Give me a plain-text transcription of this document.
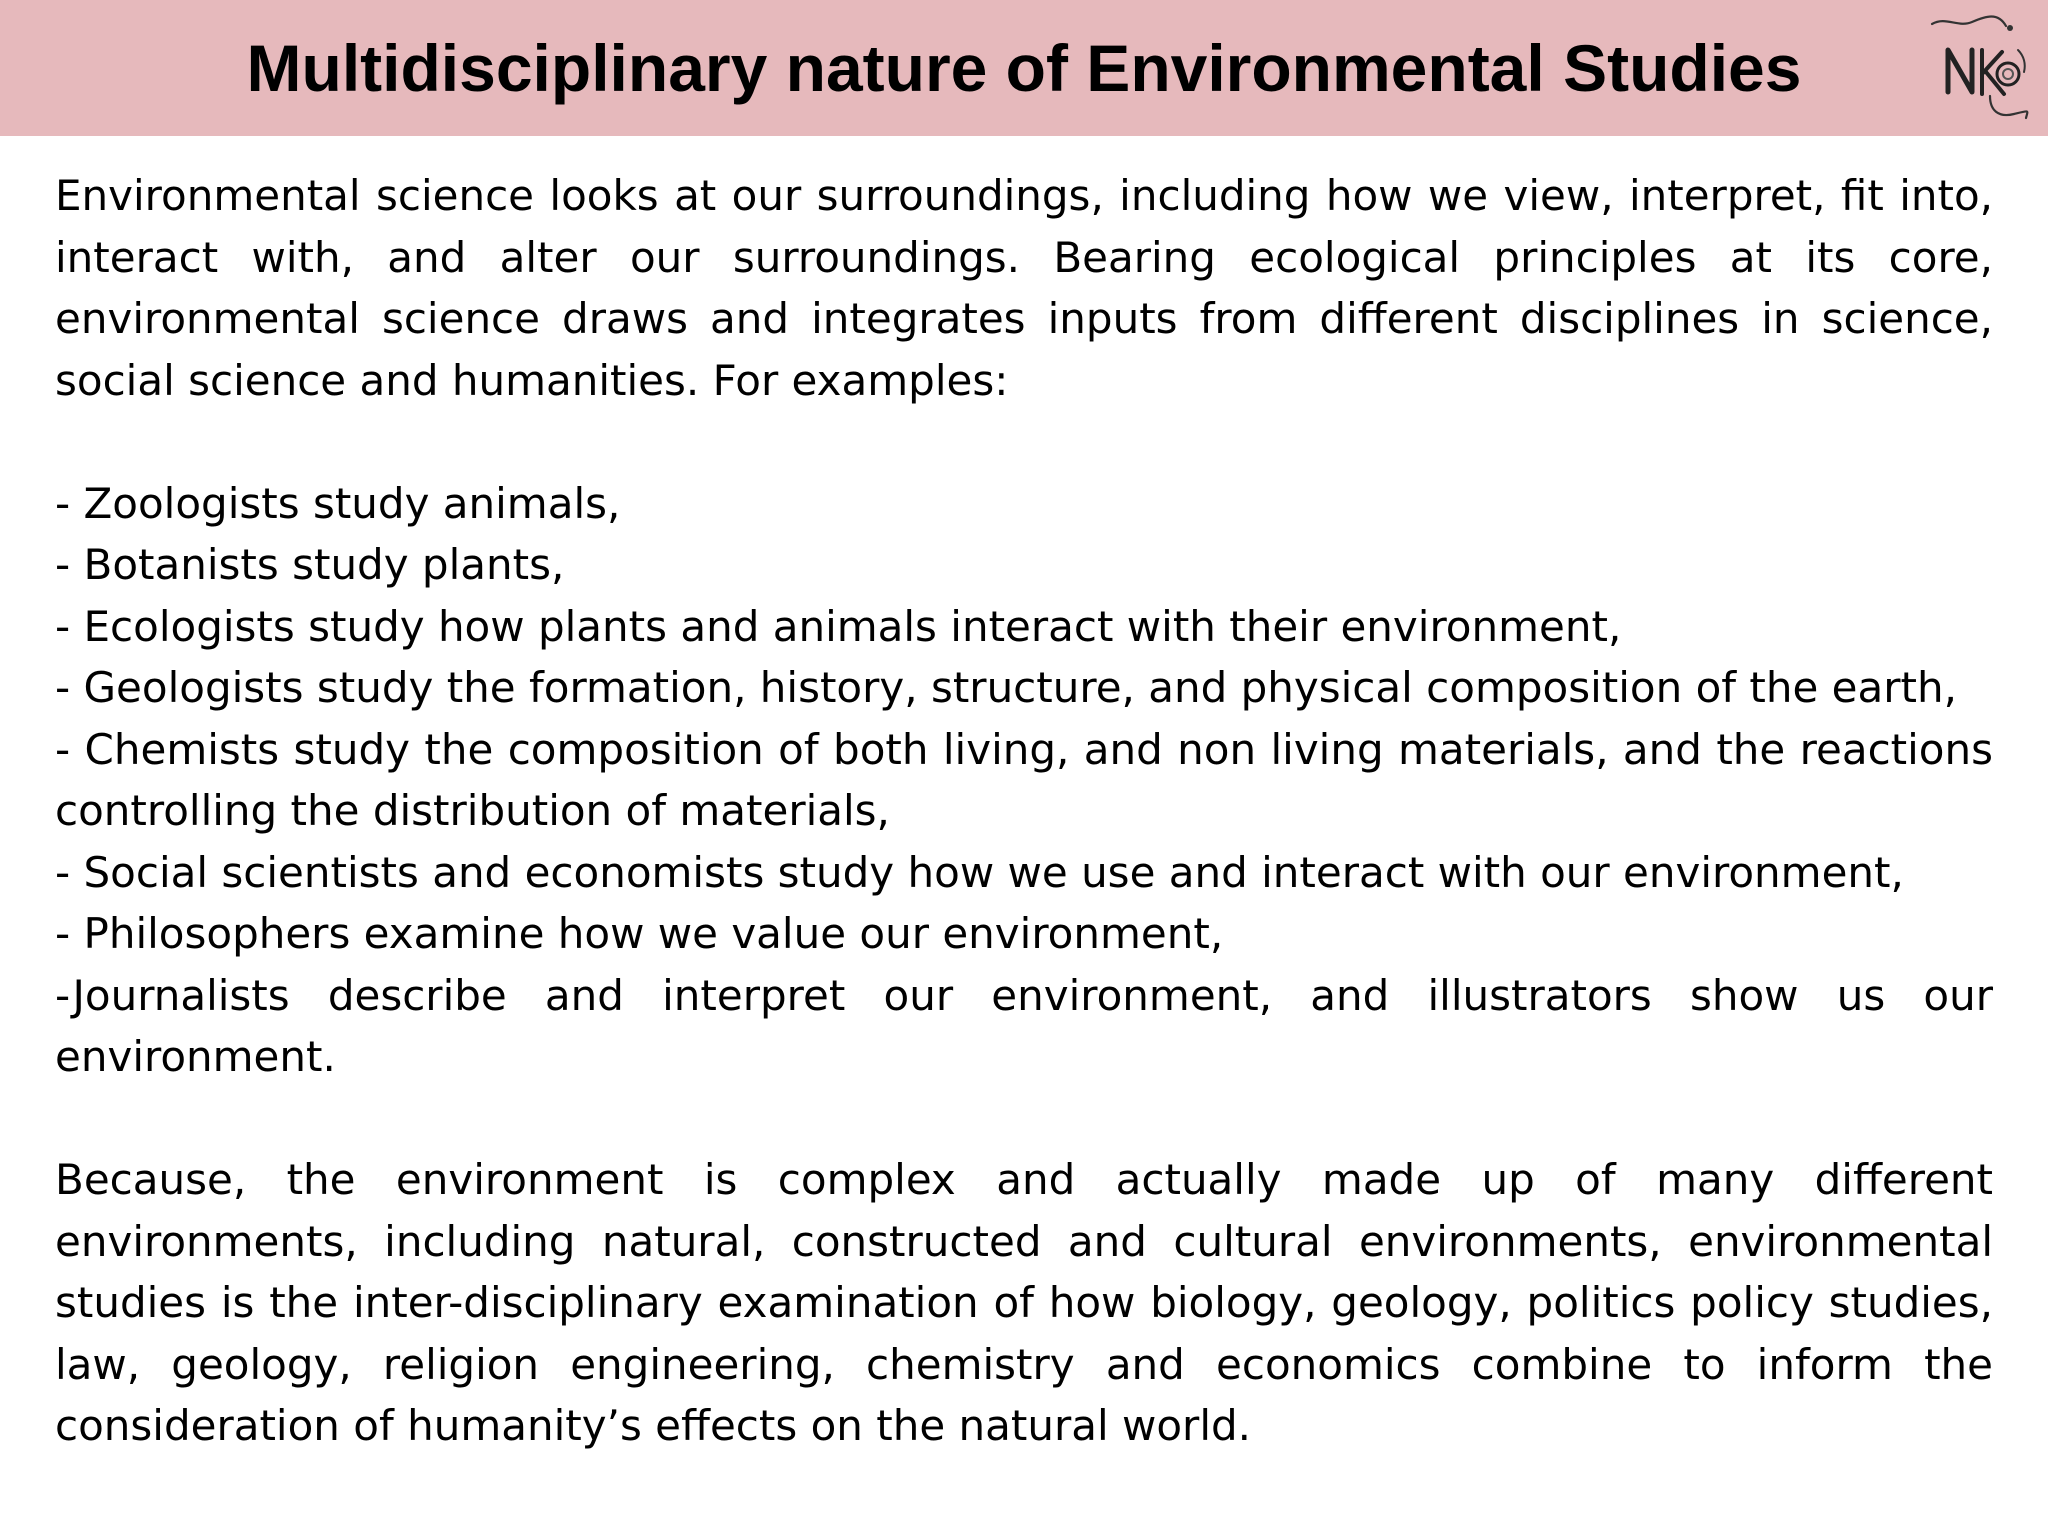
Multidisciplinary nature of Environmental Studies

Environmental science looks at our surroundings, including how we view, interpret, fit into, interact with, and alter our surroundings. Bearing ecological principles at its core, environmental science draws and integrates inputs from different disciplines in science, social science and humanities. For examples:

- Zoologists study animals,

- Botanists study plants,

- Ecologists study how plants and animals interact with their environment,

- Geologists study the formation, history, structure, and physical composition of the earth,

- Chemists study the composition of both living, and non living materials, and the reactions controlling the distribution of materials,

- Social scientists and economists study how we use and interact with our environment,

- Philosophers examine how we value our environment,

-Journalists describe and interpret our environment, and illustrators show us our environment.

Because, the environment is complex and actually made up of many different environments, including natural, constructed and cultural environments, environmental studies is the inter-disciplinary examination of how biology, geology, politics policy studies, law, geology, religion engineering, chemistry and economics combine to inform the consideration of humanity’s effects on the natural world.
